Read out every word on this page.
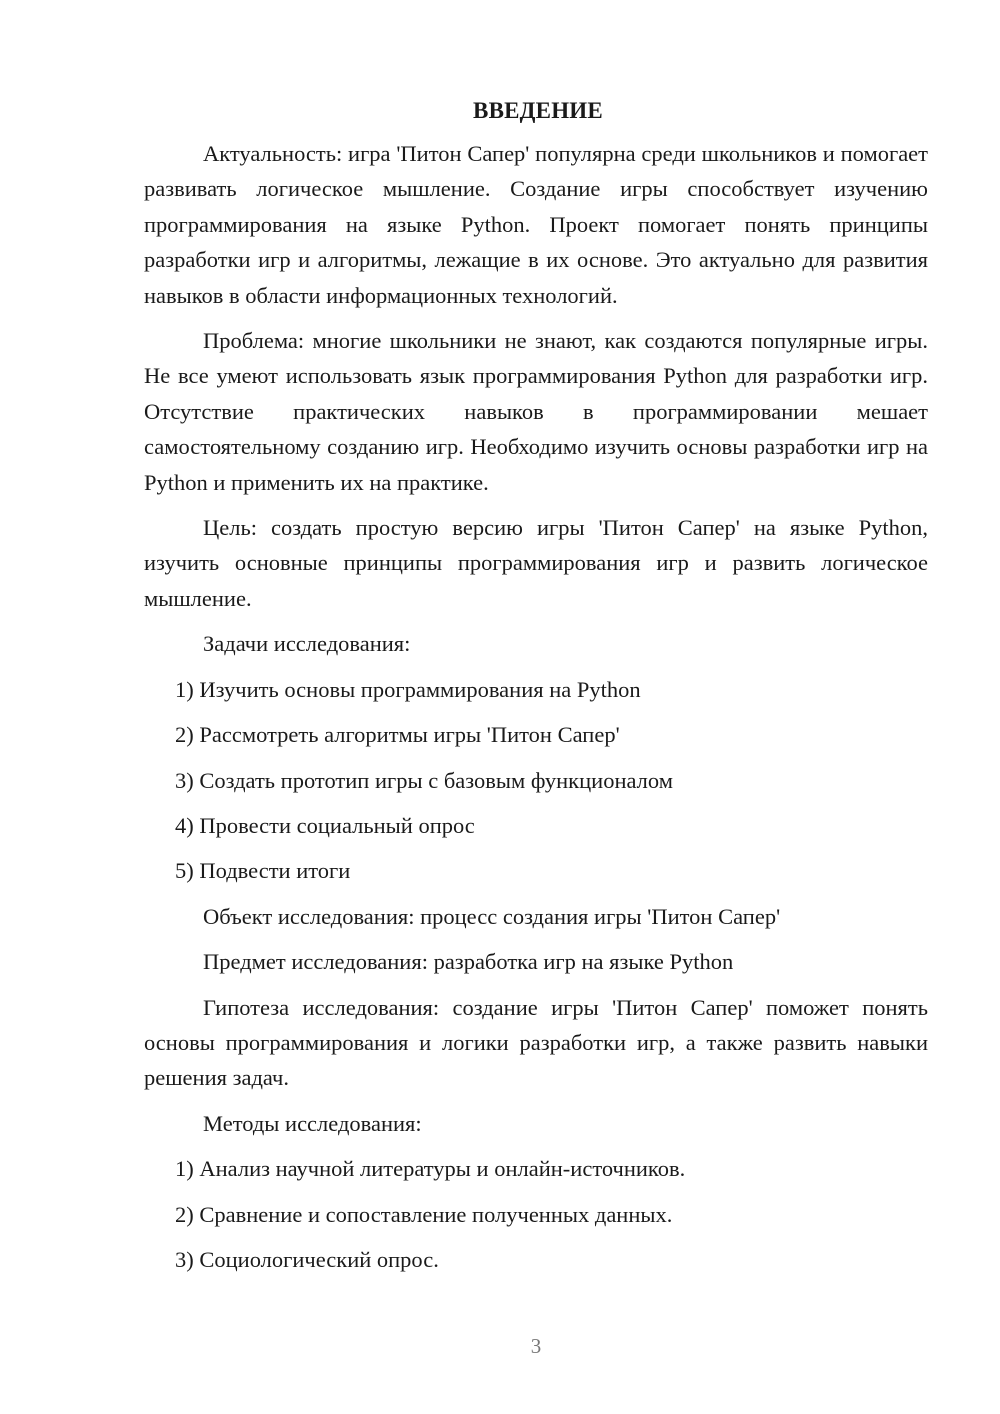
ВВЕДЕНИЕ

Актуальность: игра 'Питон Сапер' популярна среди школьников и помогает развивать логическое мышление. Создание игры способствует изучению программирования на языке Python. Проект помогает понять принципы разработки игр и алгоритмы, лежащие в их основе. Это актуально для развития навыков в области информационных технологий.

Проблема: многие школьники не знают, как создаются популярные игры. Не все умеют использовать язык программирования Python для разработки игр. Отсутствие практических навыков в программировании мешает самостоятельному созданию игр. Необходимо изучить основы разработки игр на Python и применить их на практике.

Цель: создать простую версию игры 'Питон Сапер' на языке Python, изучить основные принципы программирования игр и развить логическое мышление.

Задачи исследования:
1) Изучить основы программирования на Python
2) Рассмотреть алгоритмы игры 'Питон Сапер'
3) Создать прототип игры с базовым функционалом
4) Провести социальный опрос
5) Подвести итоги
Объект исследования: процесс создания игры 'Питон Сапер'
Предмет исследования: разработка игр на языке Python

Гипотеза исследования: создание игры 'Питон Сапер' поможет понять основы программирования и логики разработки игр, а также развить навыки решения задач.

Методы исследования:
1) Анализ научной литературы и онлайн-источников.
2) Сравнение и сопоставление полученных данных.
3) Социологический опрос.
3
